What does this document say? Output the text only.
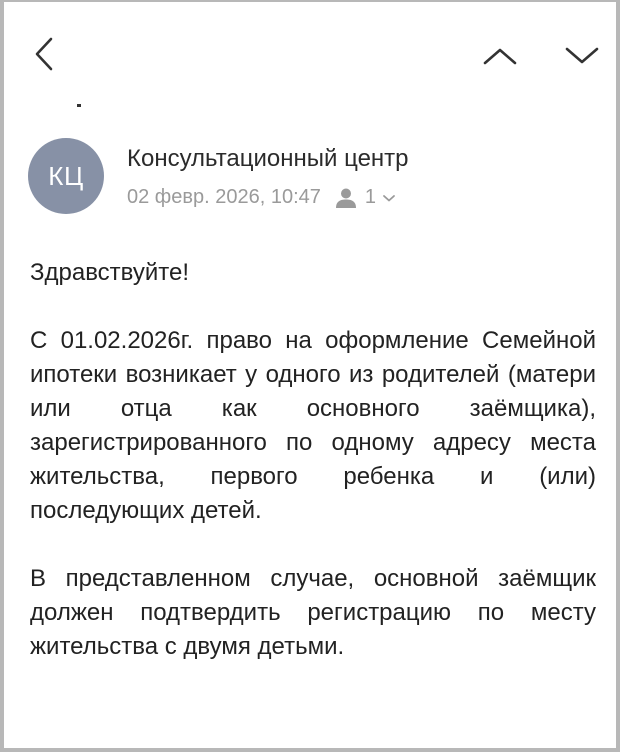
КЦ
Консультационный центр
02 февр. 2026, 10:47 1

Здравствуйте!

С 01.02.2026г. право на оформление Семейной ипотеки возникает у одного из родителей (матери или отца как основного заёмщика), зарегистрированного по одному адресу места жительства, первого ребенка и (или) последующих детей.

В представленном случае, основной заёмщик должен подтвердить регистрацию по месту жительства с двумя детьми.
